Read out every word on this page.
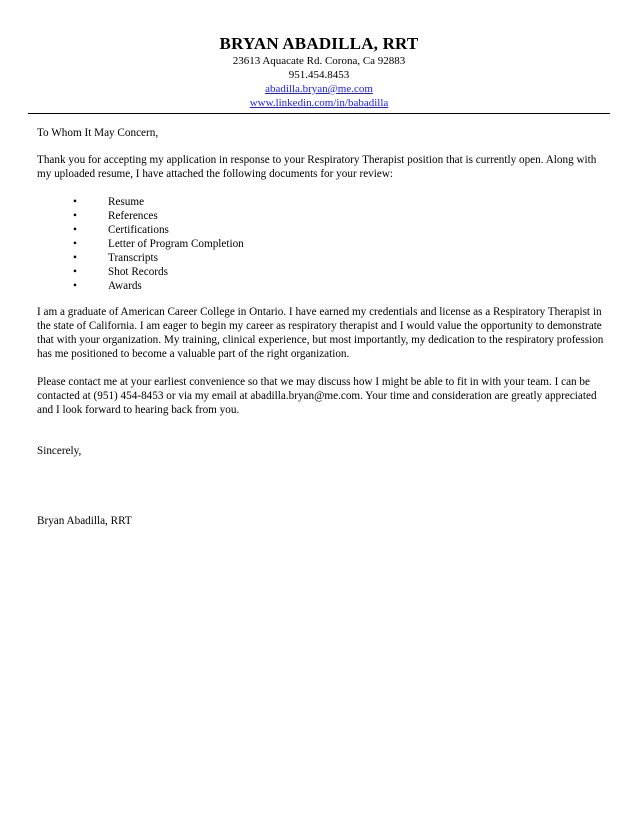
BRYAN ABADILLA, RRT
23613 Aquacate Rd. Corona, Ca 92883
951.454.8453
abadilla.bryan@me.com
www.linkedin.com/in/babadilla

To Whom It May Concern,

Thank you for accepting my application in response to your Respiratory Therapist position that is currently open. Along with my uploaded resume, I have attached the following documents for your review:

•	Resume
•	References
•	Certifications
•	Letter of Program Completion
•	Transcripts
•	Shot Records
•	Awards

I am a graduate of American Career College in Ontario. I have earned my credentials and license as a Respiratory Therapist in the state of California. I am eager to begin my career as respiratory therapist and I would value the opportunity to demonstrate that with your organization. My training, clinical experience, but most importantly, my dedication to the respiratory profession has me positioned to become a valuable part of the right organization.

Please contact me at your earliest convenience so that we may discuss how I might be able to fit in with your team. I can be contacted at (951) 454-8453 or via my email at abadilla.bryan@me.com. Your time and consideration are greatly appreciated and I look forward to hearing back from you.

Sincerely,

Bryan Abadilla, RRT
